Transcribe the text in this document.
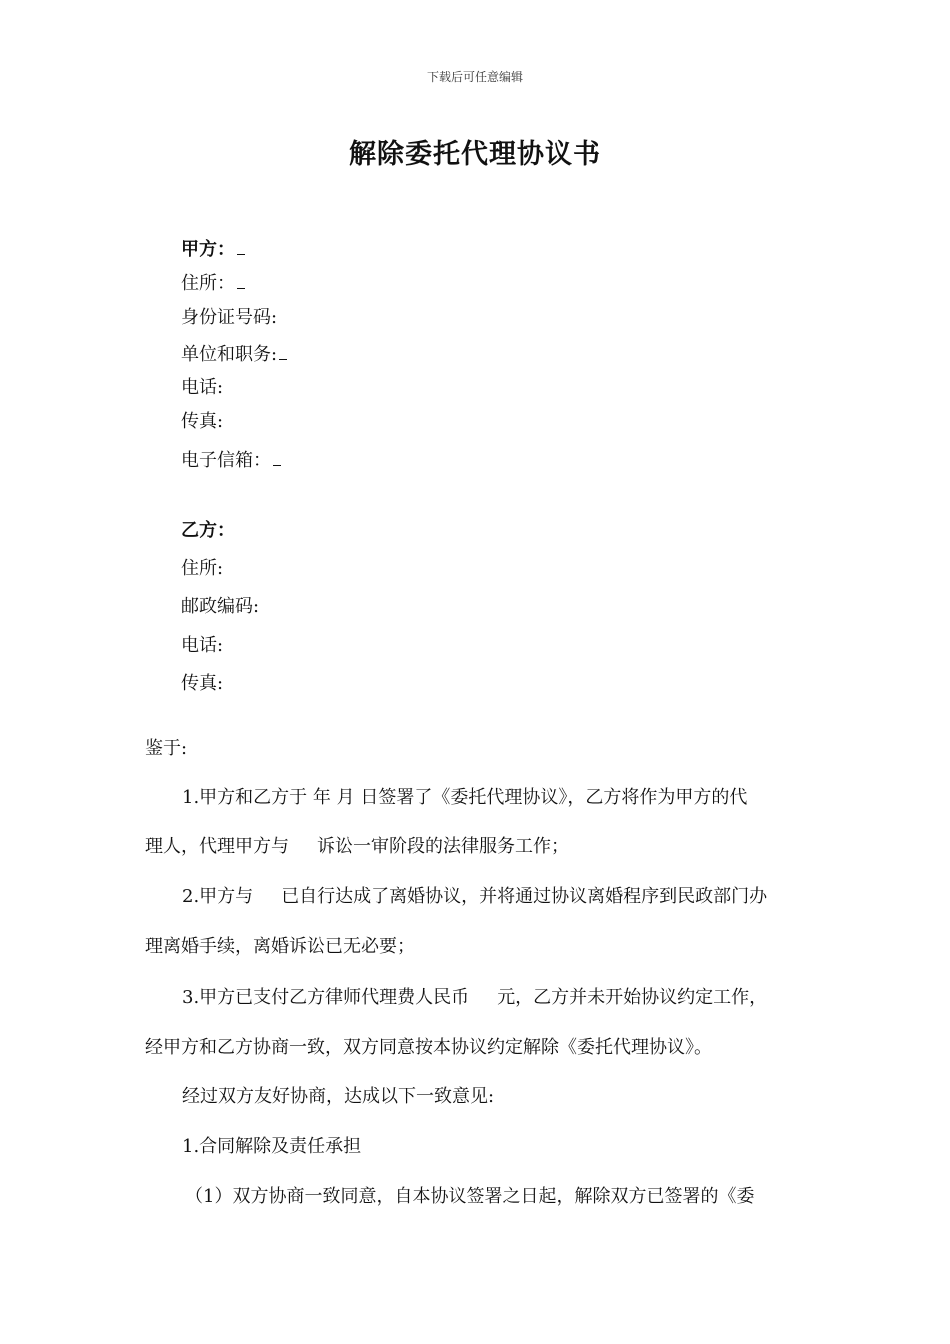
下载后可任意编辑
解除委托代理协议书
甲方：
住所：
身份证号码:
单位和职务:
电话:
传真:
电子信箱：
乙方：
住所:
邮政编码:
电话:
传真:
鉴于:
1.甲方和乙方于 年 月 日签署了《委托代理协议》，乙方将作为甲方的代
理人，代理甲方与 诉讼一审阶段的法律服务工作；
2.甲方与 已自行达成了离婚协议，并将通过协议离婚程序到民政部门办
理离婚手续，离婚诉讼已无必要；
3.甲方已支付乙方律师代理费人民币 元，乙方并未开始协议约定工作，
经甲方和乙方协商一致，双方同意按本协议约定解除《委托代理协议》。
经过双方友好协商，达成以下一致意见:
1.合同解除及责任承担
（1）双方协商一致同意，自本协议签署之日起，解除双方已签署的《委
